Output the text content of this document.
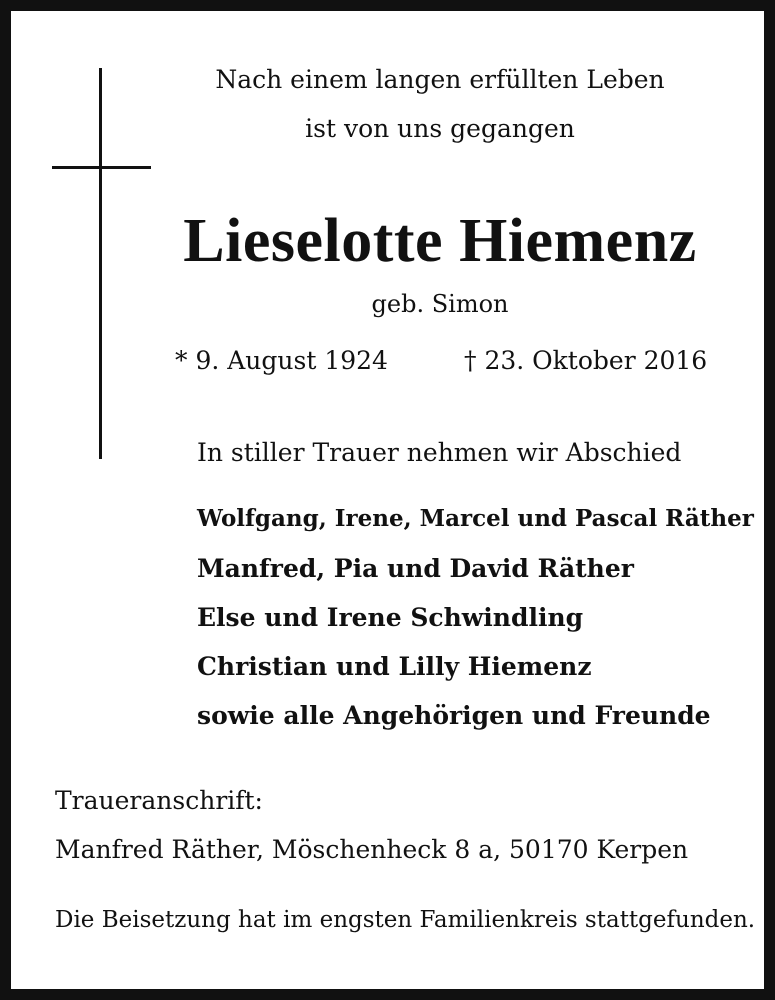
Nach einem langen erfüllten Leben
ist von uns gegangen
Lieselotte Hiemenz
geb. Simon
* 9. August 1924	† 23. Oktober 2016
In stiller Trauer nehmen wir Abschied
Wolfgang, Irene, Marcel und Pascal Räther
Manfred, Pia und David Räther
Else und Irene Schwindling
Christian und Lilly Hiemenz
sowie alle Angehörigen und Freunde
Traueranschrift:
Manfred Räther, Möschenheck 8 a, 50170 Kerpen
Die Beisetzung hat im engsten Familienkreis stattgefunden.
